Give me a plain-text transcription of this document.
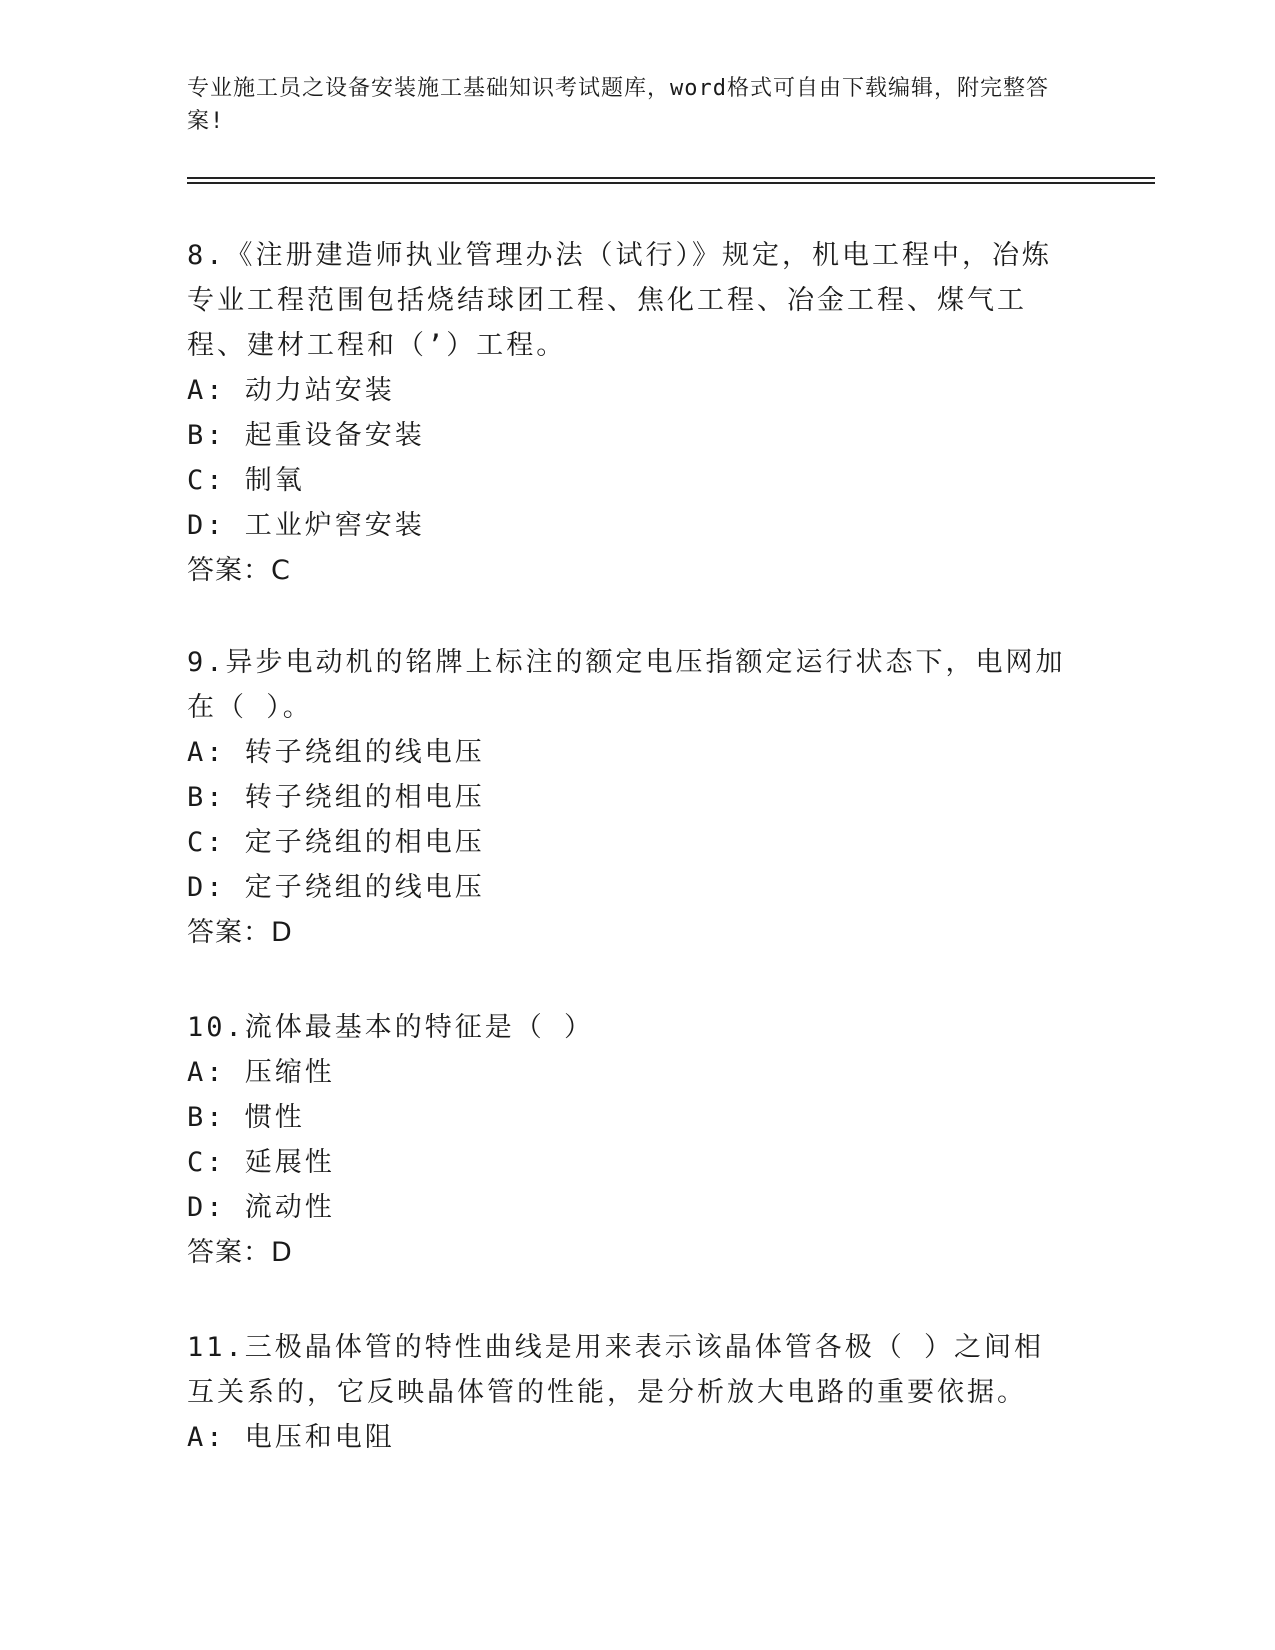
专业施工员之设备安装施工基础知识考试题库，word格式可自由下载编辑，附完整答案!

8.《注册建造师执业管理办法（试行）》规定，机电工程中，冶炼专业工程范围包括烧结球团工程、焦化工程、冶金工程、煤气工程、建材工程和（’）工程。

A: 动力站安装

B: 起重设备安装

C: 制氧

D: 工业炉窖安装

答案：C

9.异步电动机的铭牌上标注的额定电压指额定运行状态下，电网加在（ ）。

A: 转子绕组的线电压

B: 转子绕组的相电压

C: 定子绕组的相电压

D: 定子绕组的线电压

答案：D

10.流体最基本的特征是（ ）

A: 压缩性

B: 惯性

C: 延展性

D: 流动性

答案：D

11.三极晶体管的特性曲线是用来表示该晶体管各极（ ）之间相互关系的，它反映晶体管的性能，是分析放大电路的重要依据。

A: 电压和电阻
